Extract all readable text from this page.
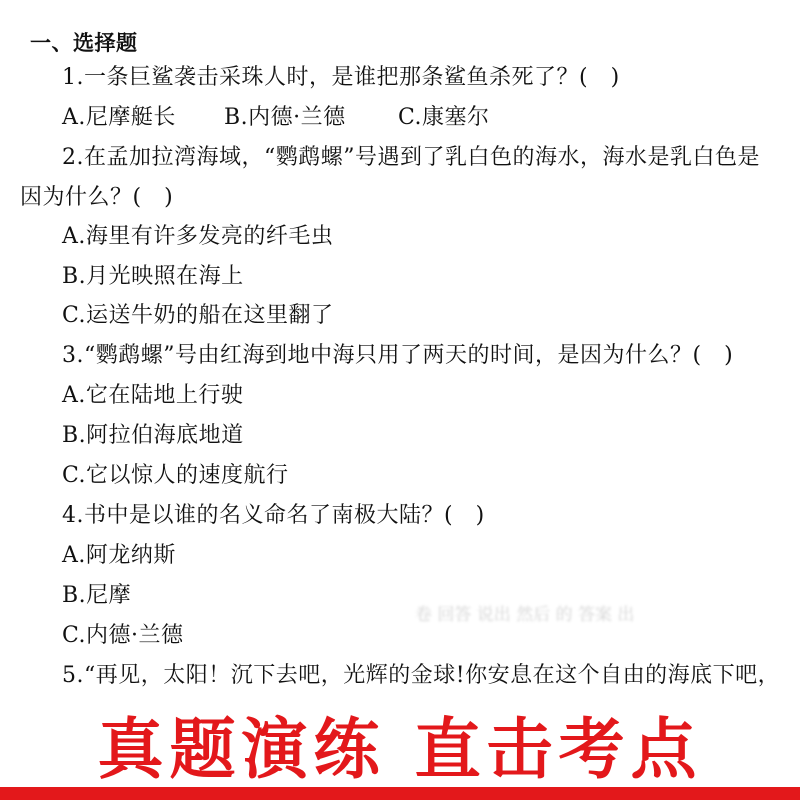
一、选择题
1.一条巨鲨袭击采珠人时，是谁把那条鲨鱼杀死了？(　)
A.尼摩艇长 B.内德·兰德 C.康塞尔
2.在孟加拉湾海域，“鹦鹉螺”号遇到了乳白色的海水，海水是乳白色是
因为什么？(　)
A.海里有许多发亮的纤毛虫
B.月光映照在海上
C.运送牛奶的船在这里翻了
3.“鹦鹉螺”号由红海到地中海只用了两天的时间，是因为什么？(　)
A.它在陆地上行驶
B.阿拉伯海底地道
C.它以惊人的速度航行
4.书中是以谁的名义命名了南极大陆？(　)
A.阿龙纳斯
B.尼摩
C.内德·兰德
5.“再见，太阳！沉下去吧，光辉的金球!你安息在这个自由的海底下吧，
卷 回答 说出 然后 的 答案 出
真题演练 直击考点
